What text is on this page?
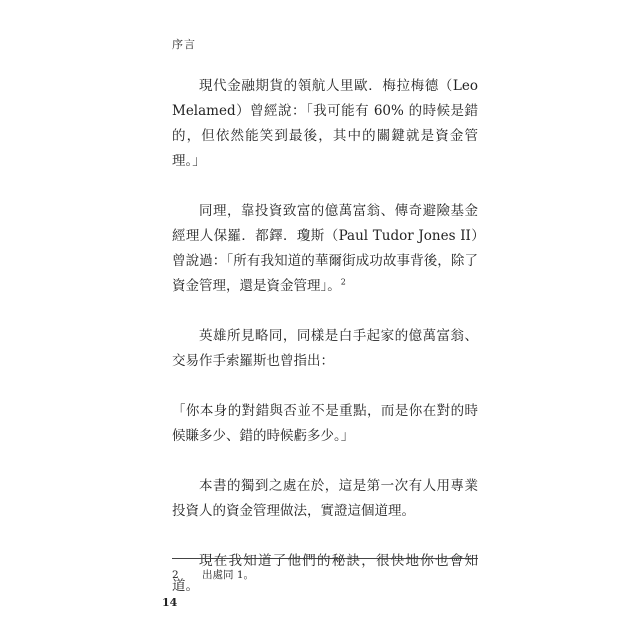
序言

現代金融期貨的領航人里歐．梅拉梅德（Leo Melamed）曾經說：「我可能有 60% 的時候是錯的，但依然能笑到最後，其中的關鍵就是資金管理。」

同理，靠投資致富的億萬富翁、傳奇避險基金經理人保羅．都鐸．瓊斯（Paul Tudor Jones II）曾說過：「所有我知道的華爾街成功故事背後，除了資金管理，還是資金管理」。$^2$

英雄所見略同，同樣是白手起家的億萬富翁、交易作手索羅斯也曾指出：

「你本身的對錯與否並不是重點，而是你在對的時候賺多少、錯的時候虧多少。」

本書的獨到之處在於，這是第一次有人用專業投資人的資金管理做法，實證這個道理。

現在我知道了他們的秘訣，很快地你也會知道。

2 出處同 1。
14
